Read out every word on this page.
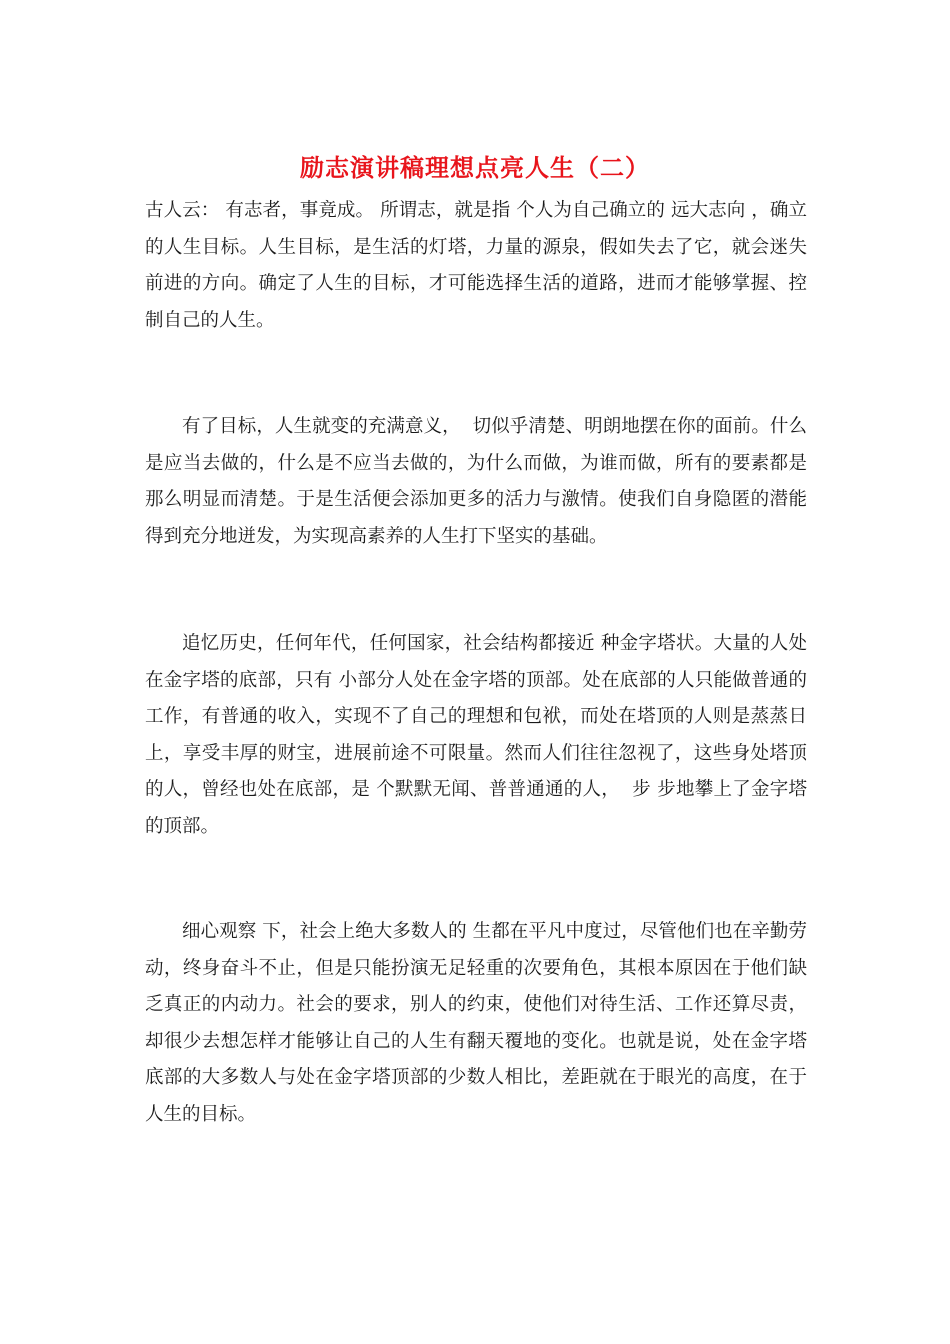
励志演讲稿理想点亮人生（二）

古人云： 有志者，事竟成。 所谓志，就是指 个人为自己确立的 远大志向 ，确立的人生目标。人生目标，是生活的灯塔，力量的源泉，假如失去了它，就会迷失前进的方向。确定了人生的目标，才可能选择生活的道路，进而才能够掌握、控制自己的人生。

有了目标，人生就变的充满意义，  切似乎清楚、明朗地摆在你的面前。什么是应当去做的，什么是不应当去做的，为什么而做，为谁而做，所有的要素都是那么明显而清楚。于是生活便会添加更多的活力与激情。使我们自身隐匿的潜能得到充分地迸发，为实现高素养的人生打下坚实的基础。

追忆历史，任何年代，任何国家，社会结构都接近 种金字塔状。大量的人处在金字塔的底部，只有 小部分人处在金字塔的顶部。处在底部的人只能做普通的工作，有普通的收入，实现不了自己的理想和包袱，而处在塔顶的人则是蒸蒸日上，享受丰厚的财宝，进展前途不可限量。然而人们往往忽视了，这些身处塔顶的人，曾经也处在底部，是 个默默无闻、普普通通的人，  步 步地攀上了金字塔的顶部。

细心观察 下，社会上绝大多数人的 生都在平凡中度过，尽管他们也在辛勤劳动，终身奋斗不止，但是只能扮演无足轻重的次要角色，其根本原因在于他们缺乏真正的内动力。社会的要求，别人的约束，使他们对待生活、工作还算尽责，却很少去想怎样才能够让自己的人生有翻天覆地的变化。也就是说，处在金字塔底部的大多数人与处在金字塔顶部的少数人相比，差距就在于眼光的高度，在于人生的目标。
